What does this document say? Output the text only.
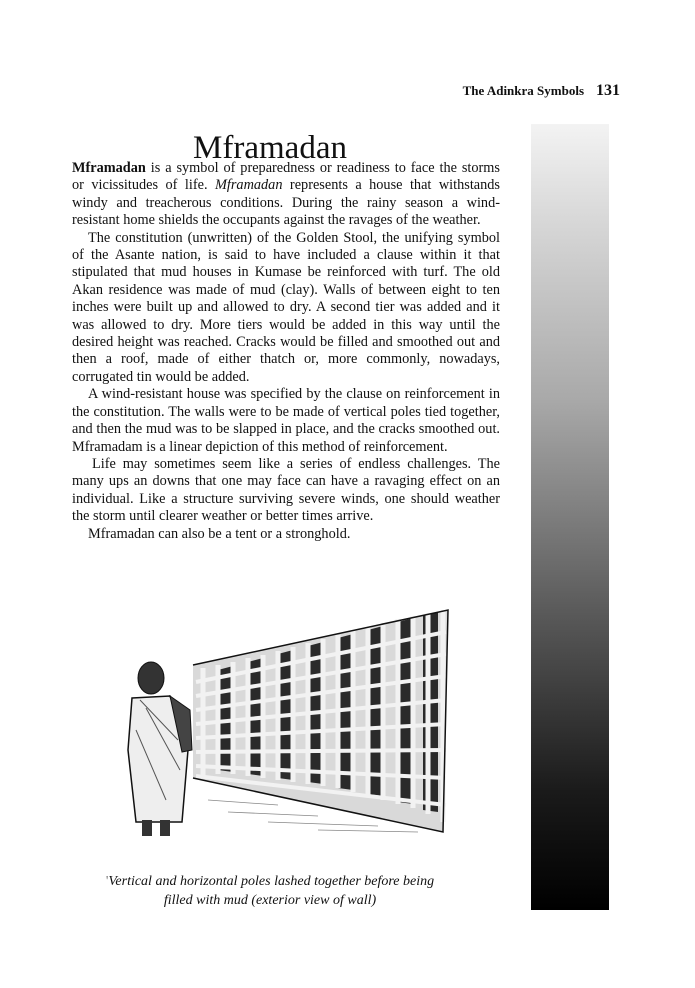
The Adinkra Symbols 131
Mframadan

Mframadan is a symbol of preparedness or readiness to face the storms or vicissitudes of life. Mframadan represents a house that withstands windy and treacherous conditions. During the rainy season a wind-resistant home shields the occupants against the ravages of the weather.

The constitution (unwritten) of the Golden Stool, the unifying symbol of the Asante nation, is said to have included a clause within it that stipulated that mud houses in Kumase be reinforced with turf. The old Akan residence was made of mud (clay). Walls of between eight to ten inches were built up and allowed to dry. A second tier was added and it was allowed to dry. More tiers would be added in this way until the desired height was reached. Cracks would be filled and smoothed out and then a roof, made of either thatch or, more commonly, nowadays, corrugated tin would be added.

A wind-resistant house was specified by the clause on reinforcement in the constitution. The walls were to be made of vertical poles tied together, and then the mud was to be slapped in place, and the cracks smoothed out. Mframadam is a linear depiction of this method of reinforcement.

Life may sometimes seem like a series of endless challenges. The many ups an downs that one may face can have a ravaging effect on an individual. Like a structure surviving severe winds, one should weather the storm until clearer weather or better times arrive.

Mframadan can also be a tent or a stronghold.

'Vertical and horizontal poles lashed together before being
filled with mud (exterior view of wall)
